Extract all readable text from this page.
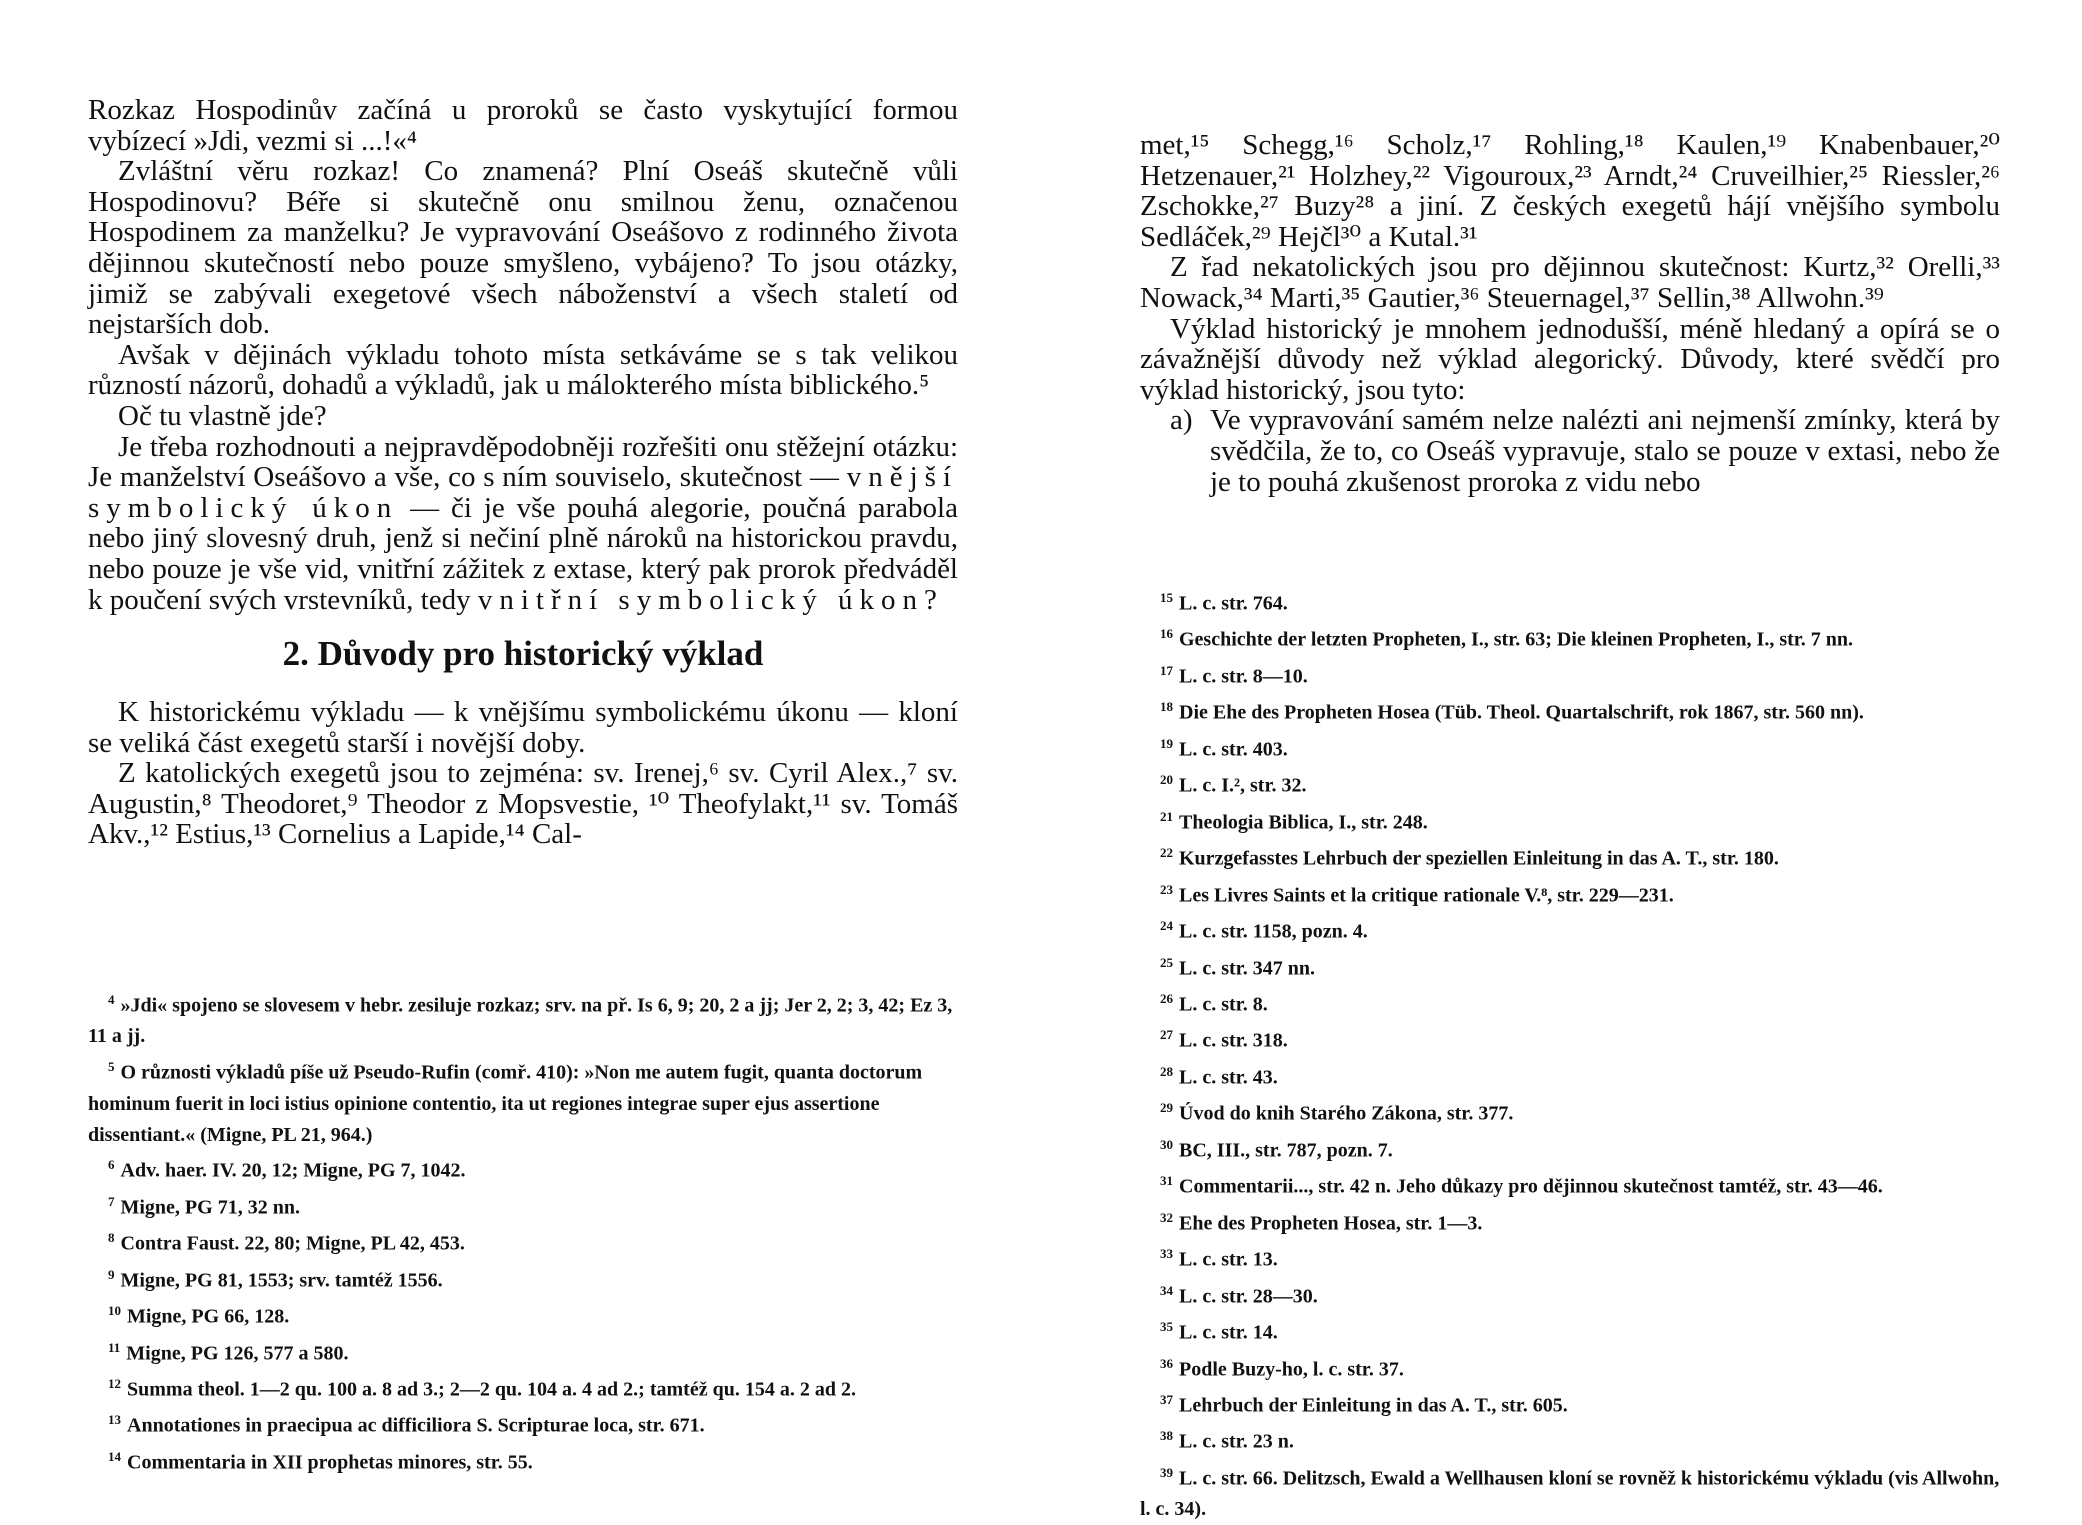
Rozkaz Hospodinův začíná u proroků se často vyskytující formou vybízecí »Jdi, vezmi si ...!«⁴

Zvláštní věru rozkaz! Co znamená? Plní Oseáš skutečně vůli Hospodinovu? Béře si skutečně onu smilnou ženu, označenou Hospodinem za manželku? Je vypravování Oseášovo z rodinného života dějinnou skutečností nebo pouze smyšleno, vybájeno? To jsou otázky, jimiž se zabývali exegetové všech náboženství a všech staletí od nejstarších dob.

Avšak v dějinách výkladu tohoto místa setkáváme se s tak velikou růzností názorů, dohadů a výkladů, jak u málokterého místa biblického.⁵

Oč tu vlastně jde?

Je třeba rozhodnouti a nejpravděpodobněji rozřešiti onu stěžejní otázku: Je manželství Oseášovo a vše, co s ním souviselo, skutečnost — vnější symbolický úkon — či je vše pouhá alegorie, poučná parabola nebo jiný slovesný druh, jenž si nečiní plně nároků na historickou pravdu, nebo pouze je vše vid, vnitřní zážitek z extase, který pak prorok předváděl k poučení svých vrstevníků, tedy vnitřní symbolický úkon?

2. Důvody pro historický výklad

K historickému výkladu — k vnějšímu symbolickému úkonu — kloní se veliká část exegetů starší i novější doby.

Z katolických exegetů jsou to zejména: sv. Irenej,⁶ sv. Cyril Alex.,⁷ sv. Augustin,⁸ Theodoret,⁹ Theodor z Mopsvestie, ¹⁰ Theofylakt,¹¹ sv. Tomáš Akv.,¹² Estius,¹³ Cornelius a Lapide,¹⁴ Cal-

$^4$ »Jdi« spojeno se slovesem v hebr. zesiluje rozkaz; srv. na př. Is 6, 9; 20, 2 a jj; Jer 2, 2; 3, 42; Ez 3, 11 a jj.

$^5$ O různosti výkladů píše už Pseudo-Rufin (comř. 410): »Non me autem fugit, quanta doctorum hominum fuerit in loci istius opinione contentio, ita ut regiones integrae super ejus assertione dissentiant.« (Migne, PL 21, 964.)

$^6$ Adv. haer. IV. 20, 12; Migne, PG 7, 1042.

$^7$ Migne, PG 71, 32 nn.

$^8$ Contra Faust. 22, 80; Migne, PL 42, 453.

$^9$ Migne, PG 81, 1553; srv. tamtéž 1556.

$^{10}$ Migne, PG 66, 128.

$^{11}$ Migne, PG 126, 577 a 580.

$^{12}$ Summa theol. 1—2 qu. 100 a. 8 ad 3.; 2—2 qu. 104 a. 4 ad 2.; tamtéž qu. 154 a. 2 ad 2.

$^{13}$ Annotationes in praecipua ac difficiliora S. Scripturae loca, str. 671.

$^{14}$ Commentaria in XII prophetas minores, str. 55.

met,¹⁵ Schegg,¹⁶ Scholz,¹⁷ Rohling,¹⁸ Kaulen,¹⁹ Knabenbauer,²⁰ Hetzenauer,²¹ Holzhey,²² Vigouroux,²³ Arndt,²⁴ Cruveilhier,²⁵ Riessler,²⁶ Zschokke,²⁷ Buzy²⁸ a jiní. Z českých exegetů hájí vnějšího symbolu Sedláček,²⁹ Hejčl³⁰ a Kutal.³¹

Z řad nekatolických jsou pro dějinnou skutečnost: Kurtz,³² Orelli,³³ Nowack,³⁴ Marti,³⁵ Gautier,³⁶ Steuernagel,³⁷ Sellin,³⁸ Allwohn.³⁹

Výklad historický je mnohem jednodušší, méně hledaný a opírá se o závažnější důvody než výklad alegorický. Důvody, které svědčí pro výklad historický, jsou tyto:

a) Ve vypravování samém nelze nalézti ani nejmenší zmínky, která by svědčila, že to, co Oseáš vypravuje, stalo se pouze v extasi, nebo že je to pouhá zkušenost proroka z vidu nebo

$^{15}$ L. c. str. 764.

$^{16}$ Geschichte der letzten Propheten, I., str. 63; Die kleinen Propheten, I., str. 7 nn.

$^{17}$ L. c. str. 8—10.

$^{18}$ Die Ehe des Propheten Hosea (Tüb. Theol. Quartalschrift, rok 1867, str. 560 nn).

$^{19}$ L. c. str. 403.

$^{20}$ L. c. I.², str. 32.

$^{21}$ Theologia Biblica, I., str. 248.

$^{22}$ Kurzgefasstes Lehrbuch der speziellen Einleitung in das A. T., str. 180.

$^{23}$ Les Livres Saints et la critique rationale V.⁸, str. 229—231.

$^{24}$ L. c. str. 1158, pozn. 4.

$^{25}$ L. c. str. 347 nn.

$^{26}$ L. c. str. 8.

$^{27}$ L. c. str. 318.

$^{28}$ L. c. str. 43.

$^{29}$ Úvod do knih Starého Zákona, str. 377.

$^{30}$ BC, III., str. 787, pozn. 7.

$^{31}$ Commentarii..., str. 42 n. Jeho důkazy pro dějinnou skutečnost tamtéž, str. 43—46.

$^{32}$ Ehe des Propheten Hosea, str. 1—3.

$^{33}$ L. c. str. 13.

$^{34}$ L. c. str. 28—30.

$^{35}$ L. c. str. 14.

$^{36}$ Podle Buzy-ho, l. c. str. 37.

$^{37}$ Lehrbuch der Einleitung in das A. T., str. 605.

$^{38}$ L. c. str. 23 n.

$^{39}$ L. c. str. 66. Delitzsch, Ewald a Wellhausen kloní se rovněž k historickému výkladu (vis Allwohn, l. c. 34).
